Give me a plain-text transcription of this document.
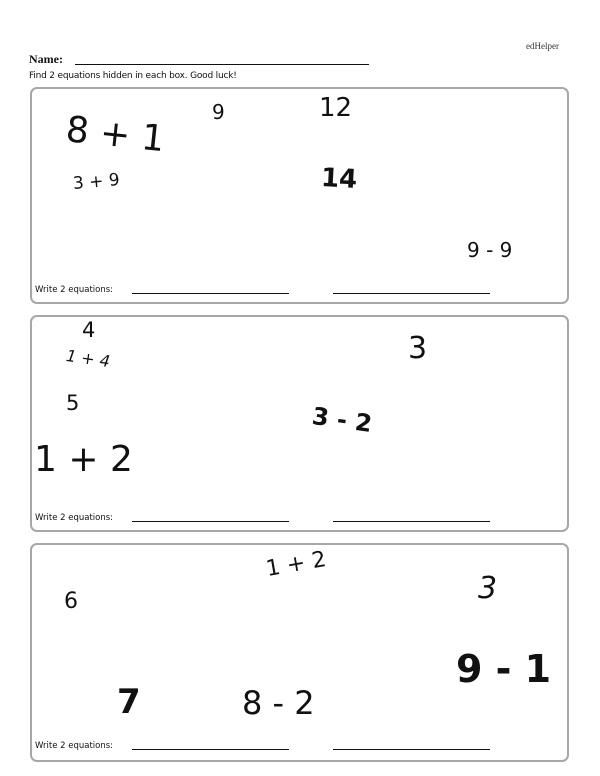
edHelper
Name:
Find 2 equations hidden in each box. Good luck!
8 + 1 9	12
3 + 9	14
9 - 9
Write 2 equations:
4
1 + 4	3
5	3 - 2
1 + 2
Write 2 equations:
6
1 + 2
3
9 - 1
7	8 - 2
Write 2 equations:
